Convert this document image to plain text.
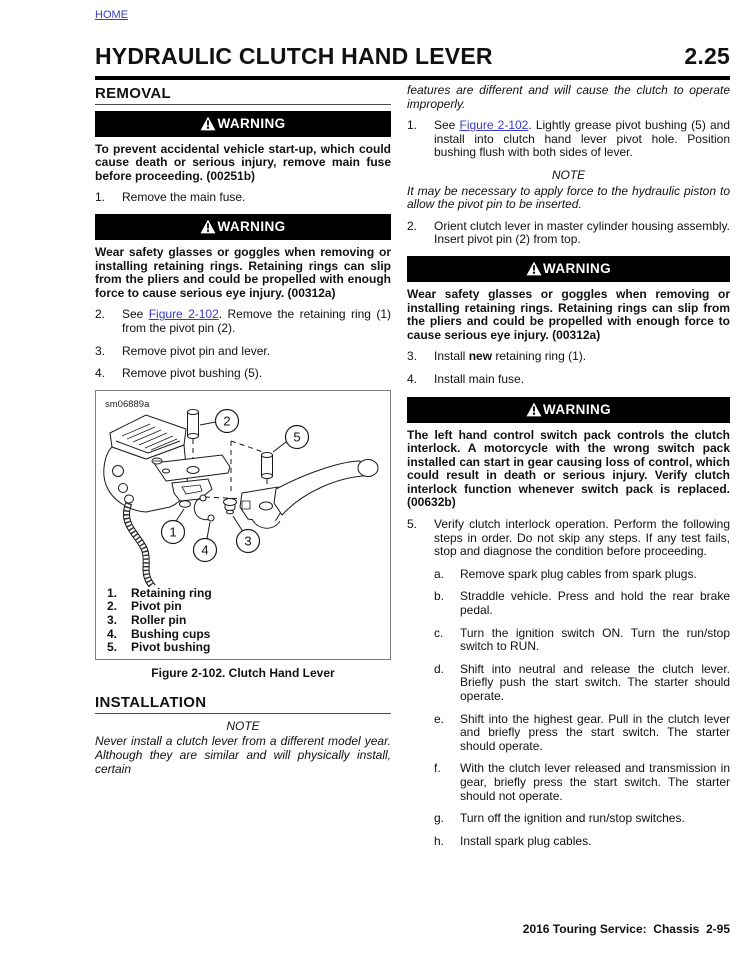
HOME
HYDRAULIC CLUTCH HAND LEVER	2.25
REMOVAL
WARNING
To prevent accidental vehicle start-up, which could cause death or serious injury, remove main fuse before proceeding. (00251b)
1.	Remove the main fuse.
WARNING
Wear safety glasses or goggles when removing or installing retaining rings. Retaining rings can slip from the pliers and could be propelled with enough force to cause serious eye injury. (00312a)
2.	See Figure 2-102. Remove the retaining ring (1) from the pivot pin (2).
3.	Remove pivot pin and lever.
4.	Remove pivot bushing (5).
sm06889a
2
5
1
4
3
1.	Retaining ring
2.	Pivot pin
3.	Roller pin
4.	Bushing cups
5.	Pivot bushing
Figure 2-102. Clutch Hand Lever
INSTALLATION
NOTE
Never install a clutch lever from a different model year. Although they are similar and will physically install, certain
features are different and will cause the clutch to operate improperly.
1.	See Figure 2-102. Lightly grease pivot bushing (5) and install into clutch hand lever pivot hole. Position bushing flush with both sides of lever.
NOTE
It may be necessary to apply force to the hydraulic piston to allow the pivot pin to be inserted.
2.	Orient clutch lever in master cylinder housing assembly. Insert pivot pin (2) from top.
WARNING
Wear safety glasses or goggles when removing or installing retaining rings. Retaining rings can slip from the pliers and could be propelled with enough force to cause serious eye injury. (00312a)
3.	Install new retaining ring (1).
4.	Install main fuse.
WARNING
The left hand control switch pack controls the clutch interlock. A motorcycle with the wrong switch pack installed can start in gear causing loss of control, which could result in death or serious injury. Verify clutch interlock function whenever switch pack is replaced. (00632b)
5.	Verify clutch interlock operation. Perform the following steps in order. Do not skip any steps. If any test fails, stop and diagnose the condition before proceeding.
a.	Remove spark plug cables from spark plugs.
b.	Straddle vehicle. Press and hold the rear brake pedal.
c.	Turn the ignition switch ON. Turn the run/stop switch to RUN.
d.	Shift into neutral and release the clutch lever. Briefly push the start switch. The starter should operate.
e.	Shift into the highest gear. Pull in the clutch lever and briefly press the start switch. The starter should operate.
f.	With the clutch lever released and transmission in gear, briefly press the start switch. The starter should not operate.
g.	Turn off the ignition and run/stop switches.
h.	Install spark plug cables.
2016 Touring Service:  Chassis  2-95
